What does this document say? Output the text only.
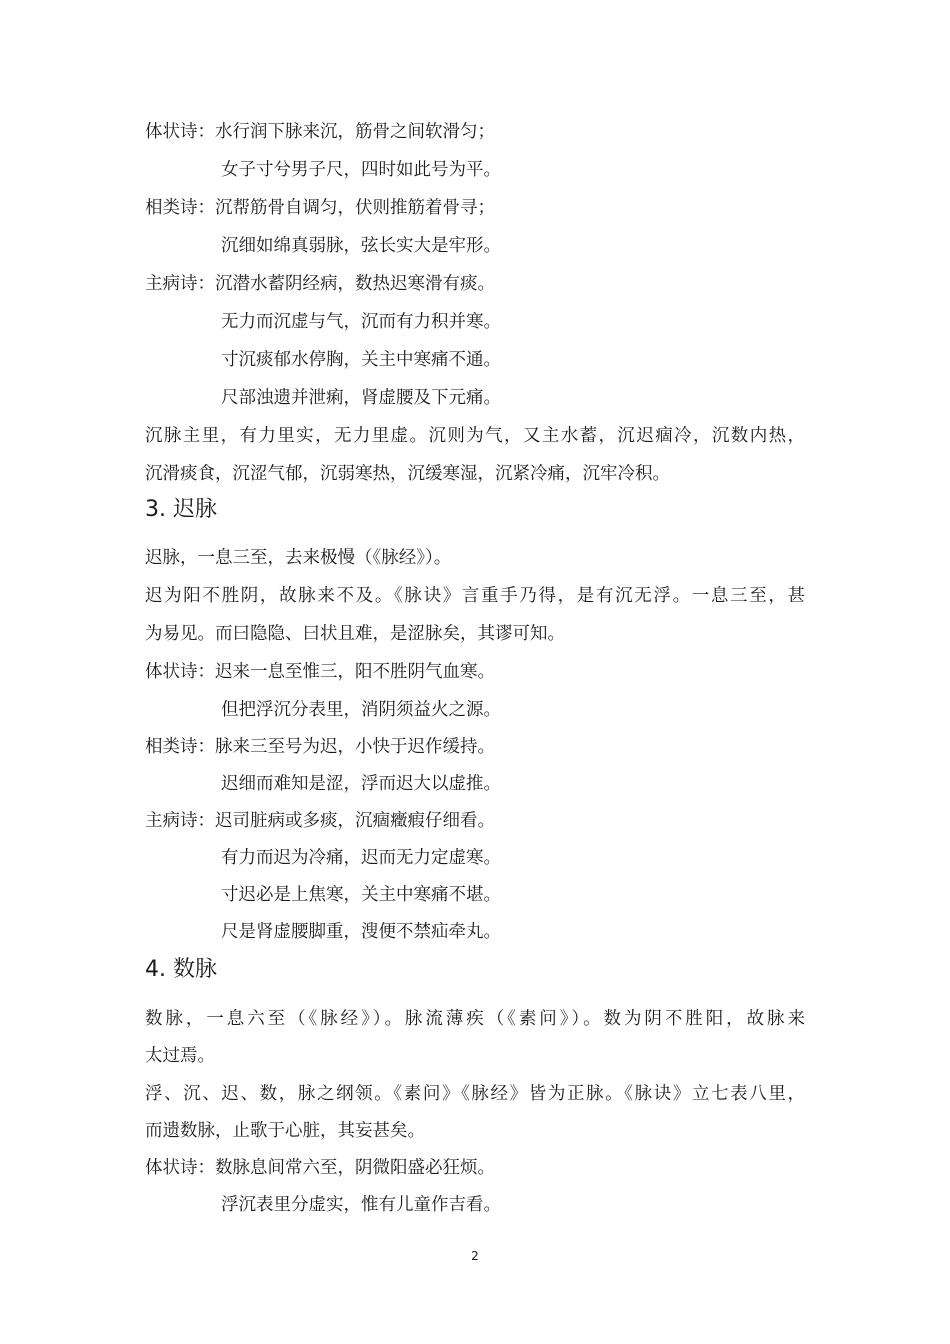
体状诗：水行润下脉来沉，筋骨之间软滑匀；
女子寸兮男子尺，四时如此号为平。
相类诗：沉帮筋骨自调匀，伏则推筋着骨寻；
沉细如绵真弱脉，弦长实大是牢形。
主病诗：沉潜水蓄阴经病，数热迟寒滑有痰。
无力而沉虚与气，沉而有力积并寒。
寸沉痰郁水停胸，关主中寒痛不通。
尺部浊遗并泄痢，肾虚腰及下元痛。
沉脉主里，有力里实，无力里虚。沉则为气，又主水蓄，沉迟痼冷，沉数内热，
沉滑痰食，沉涩气郁，沉弱寒热，沉缓寒湿，沉紧冷痛，沉牢冷积。
3. 迟脉
迟脉，一息三至，去来极慢（《脉经》）。
迟为阳不胜阴，故脉来不及。《脉诀》言重手乃得，是有沉无浮。一息三至，甚
为易见。而曰隐隐、曰状且难，是涩脉矣，其谬可知。
体状诗：迟来一息至惟三，阳不胜阴气血寒。
但把浮沉分表里，消阴须益火之源。
相类诗：脉来三至号为迟，小快于迟作缓持。
迟细而难知是涩，浮而迟大以虚推。
主病诗：迟司脏病或多痰，沉痼癥瘕仔细看。
有力而迟为冷痛，迟而无力定虚寒。
寸迟必是上焦寒，关主中寒痛不堪。
尺是肾虚腰脚重，溲便不禁疝牵丸。
4. 数脉
数脉，一息六至（《脉经》）。脉流薄疾（《素问》）。数为阴不胜阳，故脉来
太过焉。
浮、沉、迟、数，脉之纲领。《素问》《脉经》皆为正脉。《脉诀》立七表八里，
而遗数脉，止歌于心脏，其妄甚矣。
体状诗：数脉息间常六至，阴微阳盛必狂烦。
浮沉表里分虚实，惟有儿童作吉看。
2
